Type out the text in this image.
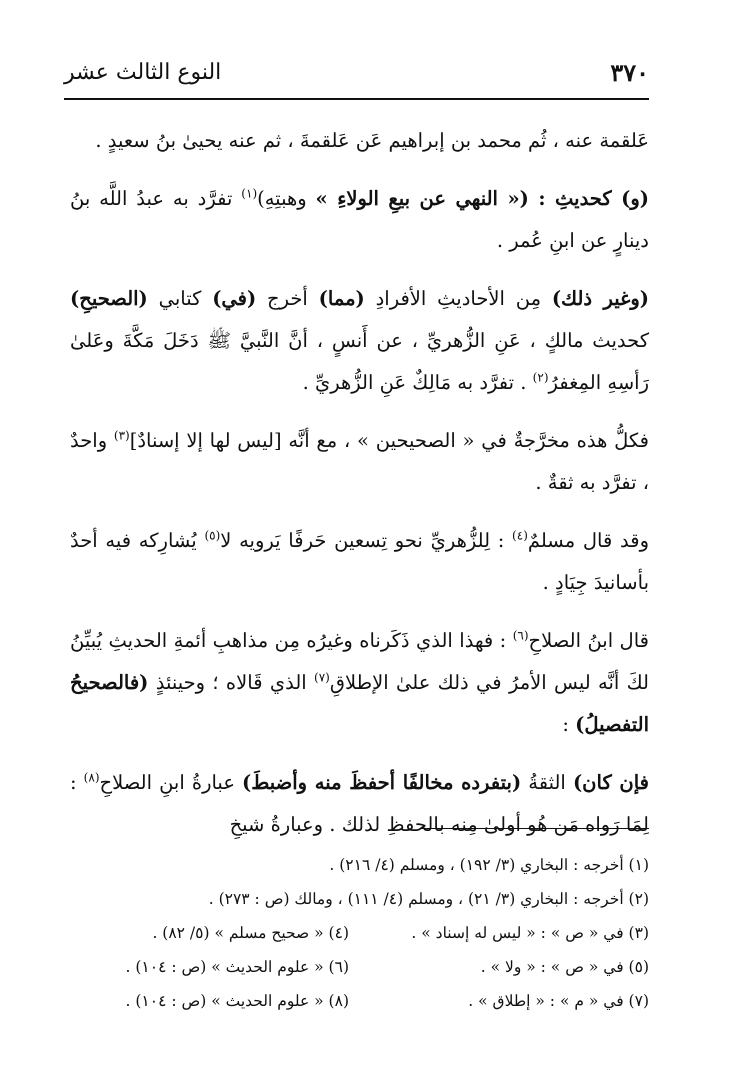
٣٧٠
النوع الثالث عشر

عَلقمة عنه ، ثُم محمد بن إبراهيم عَن عَلقمةَ ، ثم عنه يحيىٰ بنُ سعيدٍ .

(و) كحديثِ : (« النهي عن بيعِ الولاءِ » وهبتِهِ)$^{(١)}$ تفرَّد به عبدُ اللَّه بنُ دينارٍ عن ابنِ عُمر .

(وغير ذلك) مِن الأحاديثِ الأفرادِ (مما) أخرج (في) كتابي (الصحيحِ) كحديث مالكٍ ، عَنِ الزُّهريِّ ، عن أَنسٍ ، أنَّ النَّبيَّ ﷺ دَخَلَ مَكَّةَ وعَلىٰ رَأسِهِ المِغفرُ$^{(٢)}$ . تفرَّد به مَالِكٌ عَنِ الزُّهريِّ .

فكلُّ هذه مخرَّجةٌ في « الصحيحين » ، مع أنَّه [ليس لها إلا إسنادٌ]$^{(٣)}$ واحدٌ ، تفرَّد به ثقةٌ .

وقد قال مسلمٌ$^{(٤)}$ : لِلزُّهريِّ نحو تِسعين حَرفًا يَرويه لا$^{(٥)}$ يُشارِكه فيه أحدٌ بأسانيدَ جِيَادٍ .

قال ابنُ الصلاحِ$^{(٦)}$ : فهذا الذي ذَكَرناه وغيرُه مِن مذاهبِ أئمةِ الحديثِ يُبيِّنُ لكَ أنَّه ليس الأمرُ في ذلك علىٰ الإطلاقِ$^{(٧)}$ الذي قَالاه ؛ وحينئذٍ (فالصحيحُ التفصيلُ) :

فإن كان) الثقةُ (بتفرده مخالفًا أحفظَ منه وأضبطَ) عبارةُ ابنِ الصلاحِ$^{(٨)}$ : لِمَا رَواه مَن هُو أولىٰ مِنه بالحفظِ لذلك . وعبارةُ شيخِ

(١) أخرجه : البخاري (٣/ ١٩٢) ، ومسلم (٤/ ٢١٦) .
(٢) أخرجه : البخاري (٣/ ٢١) ، ومسلم (٤/ ١١١) ، ومالك (ص : ٢٧٣) .
(٣) في « ص » : « ليس له إسناد » .
(٤) « صحيح مسلم » (٥/ ٨٢) .
(٥) في « ص » : « ولا » .
(٦) « علوم الحديث » (ص : ١٠٤) .
(٧) في « م » : « إطلاق » .
(٨) « علوم الحديث » (ص : ١٠٤) .
